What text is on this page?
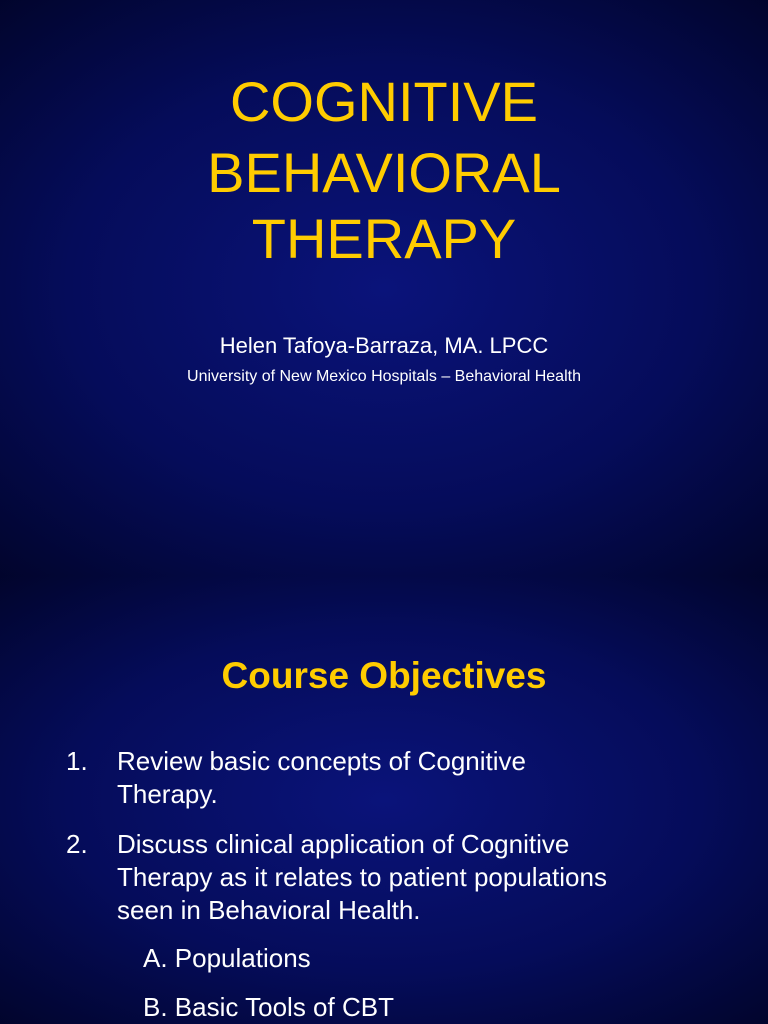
COGNITIVE
BEHAVIORAL
THERAPY
Helen Tafoya-Barraza, MA. LPCC
University of New Mexico Hospitals – Behavioral Health
Course Objectives
1. Review basic concepts of Cognitive
Therapy.
2. Discuss clinical application of Cognitive
Therapy as it relates to patient populations
seen in Behavioral Health.
A. Populations
B. Basic Tools of CBT
